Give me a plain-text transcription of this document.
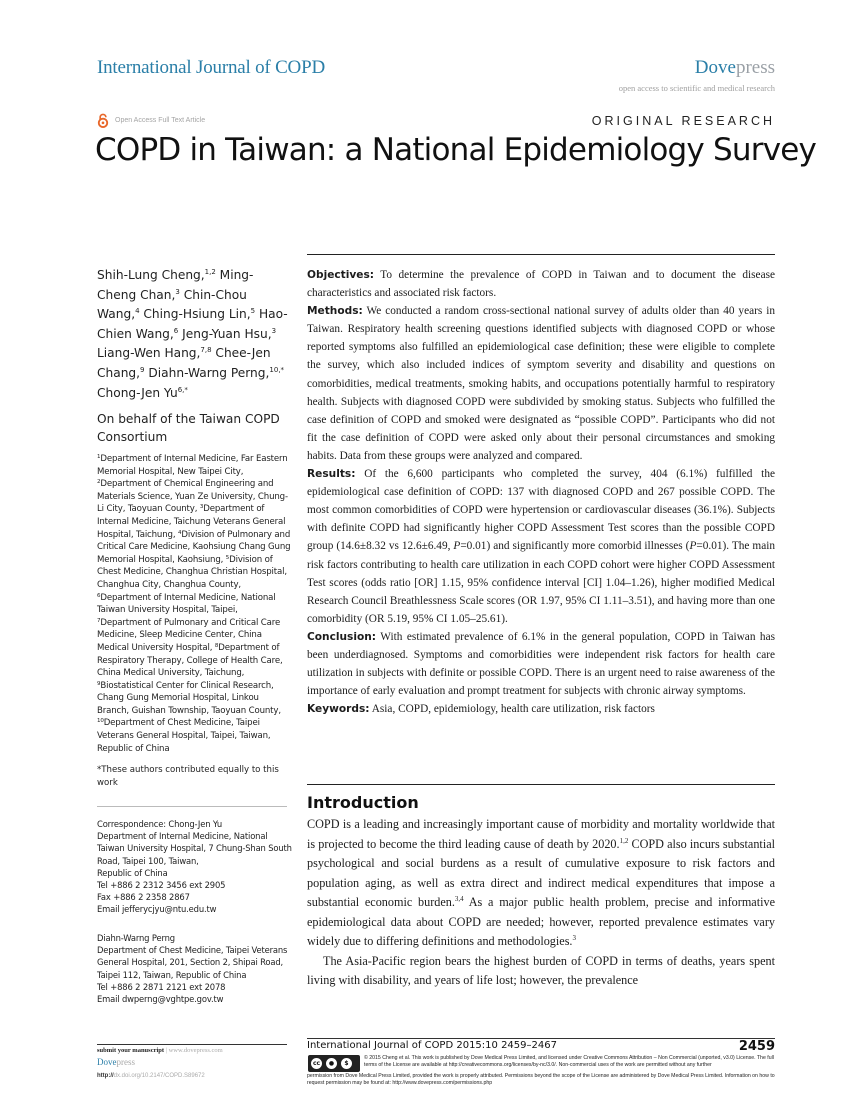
International Journal of COPD	Dovepress
open access to scientific and medical research
Open Access Full Text Article	ORIGINAL RESEARCH
COPD in Taiwan: a National Epidemiology Survey
Shih-Lung Cheng,$^{1,2}$ Ming-Cheng Chan,$^3$ Chin-Chou Wang,$^4$ Ching-Hsiung Lin,$^5$ Hao-Chien Wang,$^6$ Jeng-Yuan Hsu,$^3$ Liang-Wen Hang,$^{7,8}$ Chee-Jen Chang,$^9$ Diahn-Warng Perng,$^{10,*}$ Chong-Jen $Yu^{6,*}$
On behalf of the Taiwan COPD Consortium
$^1$Department of Internal Medicine, Far Eastern Memorial Hospital, New Taipei City, $^2$Department of Chemical Engineering and Materials Science, Yuan Ze University, Chung-Li City, Taoyuan County, $^3$Department of Internal Medicine, Taichung Veterans General Hospital, Taichung, $^4$Division of Pulmonary and Critical Care Medicine, Kaohsiung Chang Gung Memorial Hospital, Kaohsiung, $^5$Division of Chest Medicine, Changhua Christian Hospital, Changhua City, Changhua County, $^6$Department of Internal Medicine, National Taiwan University Hospital, Taipei, $^7$Department of Pulmonary and Critical Care Medicine, Sleep Medicine Center, China Medical University Hospital, $^8$Department of Respiratory Therapy, College of Health Care, China Medical University, Taichung, $^9$Biostatistical Center for Clinical Research, Chang Gung Memorial Hospital, Linkou Branch, Guishan Township, Taoyuan County, $^{10}$Department of Chest Medicine, Taipei Veterans General Hospital, Taipei, Taiwan, Republic of China
*These authors contributed equally to this work
Correspondence: Chong-Jen Yu
Department of Internal Medicine, National Taiwan University Hospital, 7 Chung-Shan South Road, Taipei 100, Taiwan,
Republic of China
Tel +886 2 2312 3456 ext 2905
Fax +886 2 2358 2867
Email jefferycjyu@ntu.edu.tw
Diahn-Warng Perng
Department of Chest Medicine, Taipei Veterans General Hospital, 201, Section 2, Shipai Road, Taipei 112, Taiwan, Republic of China
Tel +886 2 2871 2121 ext 2078
Email dwperng@vghtpe.gov.tw

Objectives: To determine the prevalence of COPD in Taiwan and to document the disease characteristics and associated risk factors.

Methods: We conducted a random cross-sectional national survey of adults older than 40 years in Taiwan. Respiratory health screening questions identified subjects with diagnosed COPD or whose reported symptoms also fulfilled an epidemiological case definition; these were eligible to complete the survey, which also included indices of symptom severity and disability and questions on comorbidities, medical treatments, smoking habits, and occupations potentially harmful to respiratory health. Subjects with diagnosed COPD were subdivided by smoking status. Subjects who fulfilled the case definition of COPD and smoked were designated as “possible COPD”. Participants who did not fit the case definition of COPD were asked only about their personal circumstances and smoking habits. Data from these groups were analyzed and compared.

Results: Of the 6,600 participants who completed the survey, 404 (6.1%) fulfilled the epidemiological case definition of COPD: 137 with diagnosed COPD and 267 possible COPD. The most common comorbidities of COPD were hypertension or cardiovascular diseases (36.1%). Subjects with definite COPD had significantly higher COPD Assessment Test scores than the possible COPD group (14.6±8.32 vs 12.6±6.49, P=0.01) and significantly more comorbid illnesses (P=0.01). The main risk factors contributing to health care utilization in each COPD cohort were higher COPD Assessment Test scores (odds ratio [OR] 1.15, 95% confidence interval [CI] 1.04–1.26), higher modified Medical Research Council Breathlessness Scale scores (OR 1.97, 95% CI 1.11–3.51), and having more than one comorbidity (OR 5.19, 95% CI 1.05–25.61).

Conclusion: With estimated prevalence of 6.1% in the general population, COPD in Taiwan has been underdiagnosed. Symptoms and comorbidities were independent risk factors for health care utilization in subjects with definite or possible COPD. There is an urgent need to raise awareness of the importance of early evaluation and prompt treatment for subjects with chronic airway symptoms.

Keywords: Asia, COPD, epidemiology, health care utilization, risk factors

Introduction

COPD is a leading and increasingly important cause of morbidity and mortality worldwide that is projected to become the third leading cause of death by 2020.$^{1,2}$ COPD also incurs substantial psychological and social burdens as a result of cumulative exposure to risk factors and population aging, as well as extra direct and indirect medical expenditures that impose a substantial economic burden.$^{3,4}$ As a major public health problem, precise and informative epidemiological data about COPD are needed; however, reported prevalence estimates vary widely due to differing definitions and methodologies.$^3$

The Asia-Pacific region bears the highest burden of COPD in terms of deaths, years spent living with disability, and years of life lost; however, the prevalence

submit your manuscript | www.dovepress.com
Dovepress
http://dx.doi.org/10.2147/COPD.S89672
International Journal of COPD 2015:10 2459–2467	2459
cc	●	$
© 2015 Cheng et al. This work is published by Dove Medical Press Limited, and licensed under Creative Commons Attribution – Non Commercial (unported, v3.0) License. The full terms of the License are available at http://creativecommons.org/licenses/by-nc/3.0/. Non-commercial uses of the work are permitted without any further
permission from Dove Medical Press Limited, provided the work is properly attributed. Permissions beyond the scope of the License are administered by Dove Medical Press Limited. Information on how to request permission may be found at: http://www.dovepress.com/permissions.php
